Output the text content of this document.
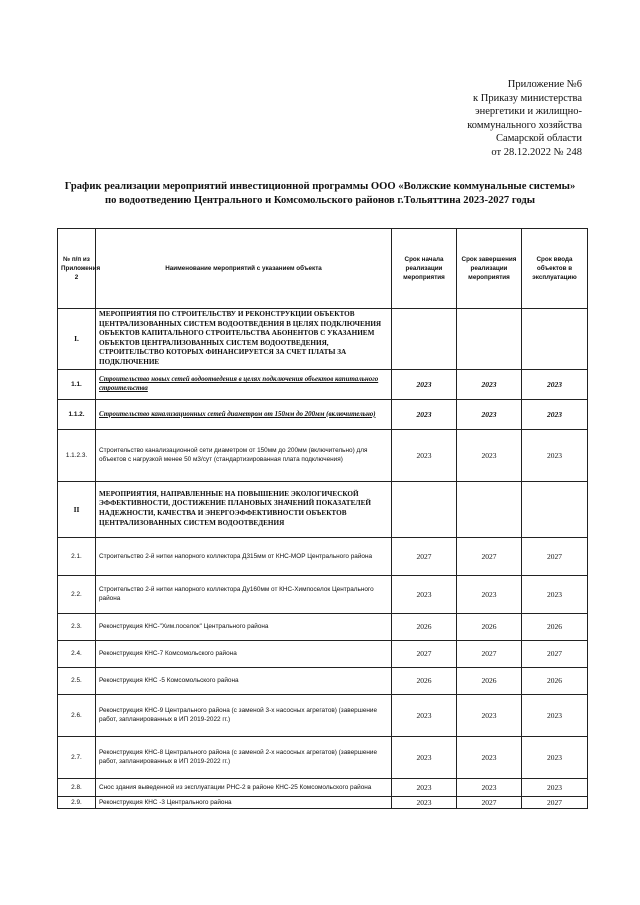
Приложение №6
к Приказу министерства
энергетики и жилищно-
коммунального хозяйства
Самарской области
от 28.12.2022 № 248
График реализации мероприятий инвестиционной программы ООО «Волжские коммунальные системы» по водоотведению Центрального и Комсомольского районов г.Тольяттина 2023-2027 годы
№ п/п из Приложения 2	Наименование мероприятий с указанием объекта	Срок начала реализации мероприятия	Срок завершения реализации мероприятия	Срок ввода объектов в эксплуатацию
I.	МЕРОПРИЯТИЯ ПО СТРОИТЕЛЬСТВУ И РЕКОНСТРУКЦИИ ОБЪЕКТОВ ЦЕНТРАЛИЗОВАННЫХ СИСТЕМ ВОДООТВЕДЕНИЯ В ЦЕЛЯХ ПОДКЛЮЧЕНИЯ ОБЪЕКТОВ КАПИТАЛЬНОГО СТРОИТЕЛЬСТВА АБОНЕНТОВ С УКАЗАНИЕМ ОБЪЕКТОВ ЦЕНТРАЛИЗОВАННЫХ СИСТЕМ ВОДООТВЕДЕНИЯ, СТРОИТЕЛЬСТВО КОТОРЫХ ФИНАНСИРУЕТСЯ ЗА СЧЕТ ПЛАТЫ ЗА ПОДКЛЮЧЕНИЕ			
1.1.	Строительство новых сетей водоотведения в целях подключения объектов капитального строительства	2023	2023	2023
1.1.2.	Строительство канализационных сетей диаметром от 150мм до 200мм (включительно)	2023	2023	2023
1.1.2.3.	Строительство канализационной сети диаметром от 150мм до 200мм (включительно) для объектов с нагрузкой менее 50 м3/сут (стандартизированная плата подключения)	2023	2023	2023
II	МЕРОПРИЯТИЯ, НАПРАВЛЕННЫЕ НА ПОВЫШЕНИЕ ЭКОЛОГИЧЕСКОЙ ЭФФЕКТИВНОСТИ, ДОСТИЖЕНИЕ ПЛАНОВЫХ ЗНАЧЕНИЙ ПОКАЗАТЕЛЕЙ НАДЕЖНОСТИ, КАЧЕСТВА И ЭНЕРГОЭФФЕКТИВНОСТИ ОБЪЕКТОВ ЦЕНТРАЛИЗОВАННЫХ СИСТЕМ ВОДООТВЕДЕНИЯ			
2.1.	Строительство 2-й нитки напорного коллектора Д315мм от КНС-МОР Центрального района	2027	2027	2027
2.2.	Строительство 2-й нитки напорного коллектора Ду160мм от КНС-Химпоселок Центрального района	2023	2023	2023
2.3.	Реконструкция КНС-"Хим.поселок" Центрального района	2026	2026	2026
2.4.	Реконструкция КНС-7 Комсомольского района	2027	2027	2027
2.5.	Реконструкция КНС -5 Комсомольского района	2026	2026	2026
2.6.	Реконструкция КНС-9 Центрального района (с заменой 3-х насосных агрегатов) (завершение работ, запланированных в ИП 2019-2022 гг.)	2023	2023	2023
2.7.	Реконструкция КНС-8 Центрального района (с заменой 2-х насосных агрегатов) (завершение работ, запланированных в ИП 2019-2022 гг.)	2023	2023	2023
2.8.	Снос здания выведенной из эксплуатации РНС-2 в районе КНС-25 Комсомольского района	2023	2023	2023
2.9.	Реконструкция КНС -3 Центрального района	2023	2027	2027
